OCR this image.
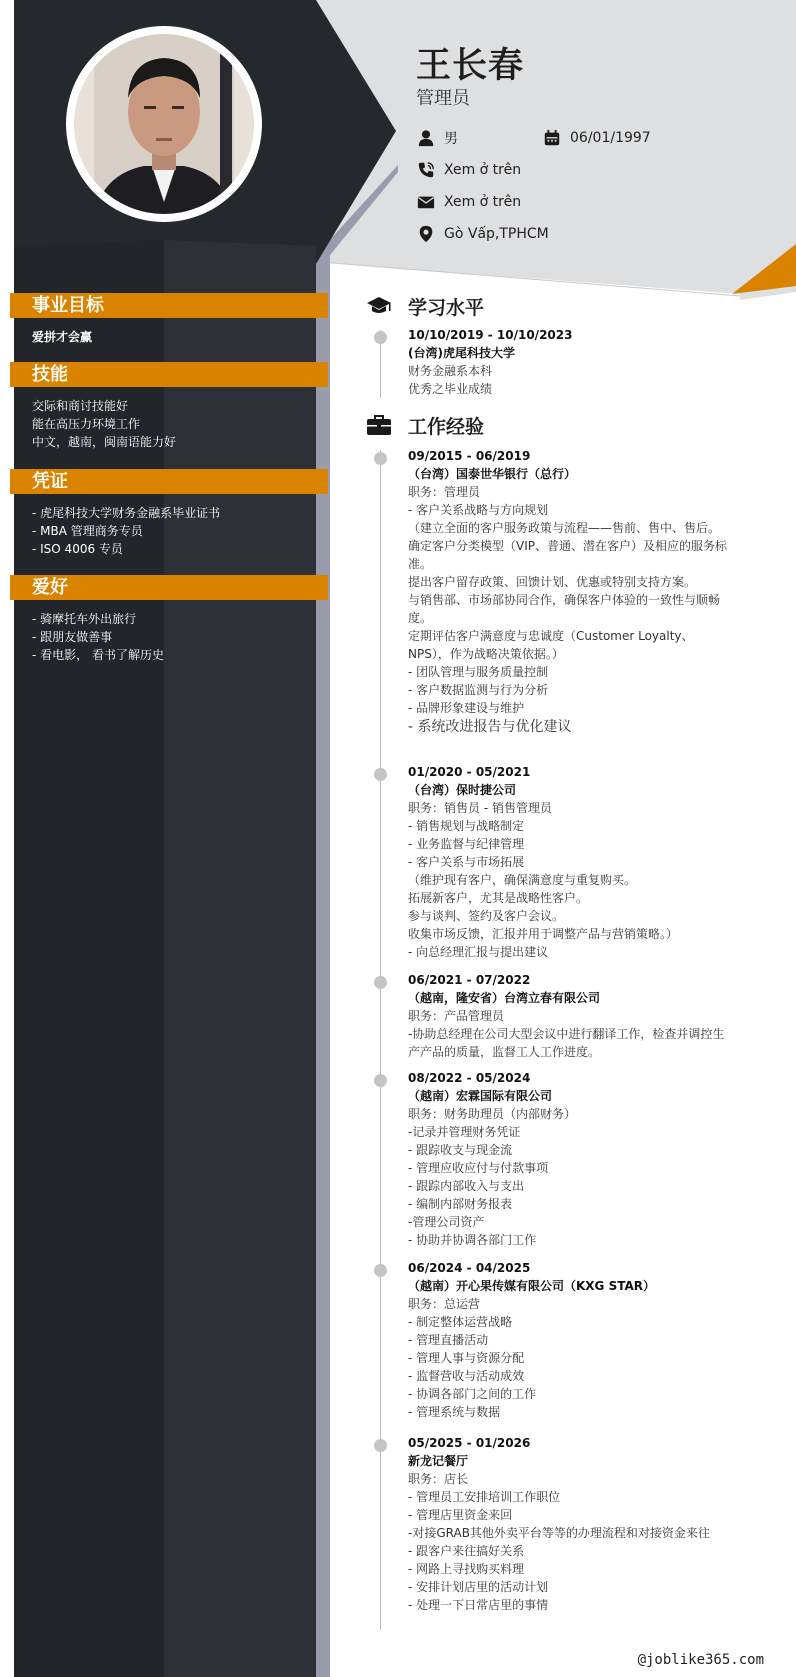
王长春
管理员
男	06/01/1997
Xem ở trên
Xem ở trên
Gò Vấp,TPHCM
事业目标
爱拼才会赢
技能
交际和商讨技能好
能在高压力环境工作
中文，越南，闽南语能力好
凭证
- 虎尾科技大学财务金融系毕业证书
- MBA 管理商务专员
- ISO 4006 专员
爱好
- 骑摩托车外出旅行
- 跟朋友做善事
- 看电影， 看书了解历史
学习水平
10/10/2019 - 10/10/2023
(台湾)虎尾科技大学
财务金融系本科
优秀之毕业成绩
工作经验
09/2015 - 06/2019
（台湾）国泰世华银行（总行）
职务：管理员
- 客户关系战略与方向规划
（建立全面的客户服务政策与流程——售前、售中、售后。
确定客户分类模型（VIP、普通、潜在客户）及相应的服务标准。
提出客户留存政策、回馈计划、优惠或特别支持方案。
与销售部、市场部协同合作，确保客户体验的一致性与顺畅度。
定期评估客户满意度与忠诚度（Customer Loyalty、NPS），作为战略决策依据。）
- 团队管理与服务质量控制
- 客户数据监测与行为分析
- 品牌形象建设与维护
- 系统改进报告与优化建议
01/2020 - 05/2021
（台湾）保时捷公司
职务：销售员 - 销售管理员
- 销售规划与战略制定
- 业务监督与纪律管理
- 客户关系与市场拓展
（维护现有客户，确保满意度与重复购买。
拓展新客户，尤其是战略性客户。
参与谈判、签约及客户会议。
收集市场反馈，汇报并用于调整产品与营销策略。）
- 向总经理汇报与提出建议
06/2021 - 07/2022
（越南，隆安省）台湾立春有限公司
职务：产品管理员
-协助总经理在公司大型会议中进行翻译工作，检查并调控生产产品的质量，监督工人工作进度。
08/2022 - 05/2024
（越南）宏霖国际有限公司
职务：财务助理员（内部财务）
-记录并管理财务凭证
- 跟踪收支与现金流
- 管理应收应付与付款事项
- 跟踪内部收入与支出
- 编制内部财务报表
-管理公司资产
- 协助并协调各部门工作
06/2024 - 04/2025
（越南）开心果传媒有限公司（KXG STAR）
职务：总运营
- 制定整体运营战略
- 管理直播活动
- 管理人事与资源分配
- 监督营收与活动成效
- 协调各部门之间的工作
- 管理系统与数据
05/2025 - 01/2026
新龙记餐厅
职务：店长
- 管理员工安排培训工作职位
- 管理店里资金来回
-对接GRAB其他外卖平台等等的办理流程和对接资金来往
- 跟客户来往搞好关系
- 网路上寻找购买料理
- 安排计划店里的活动计划
- 处理一下日常店里的事情
@joblike365.com
